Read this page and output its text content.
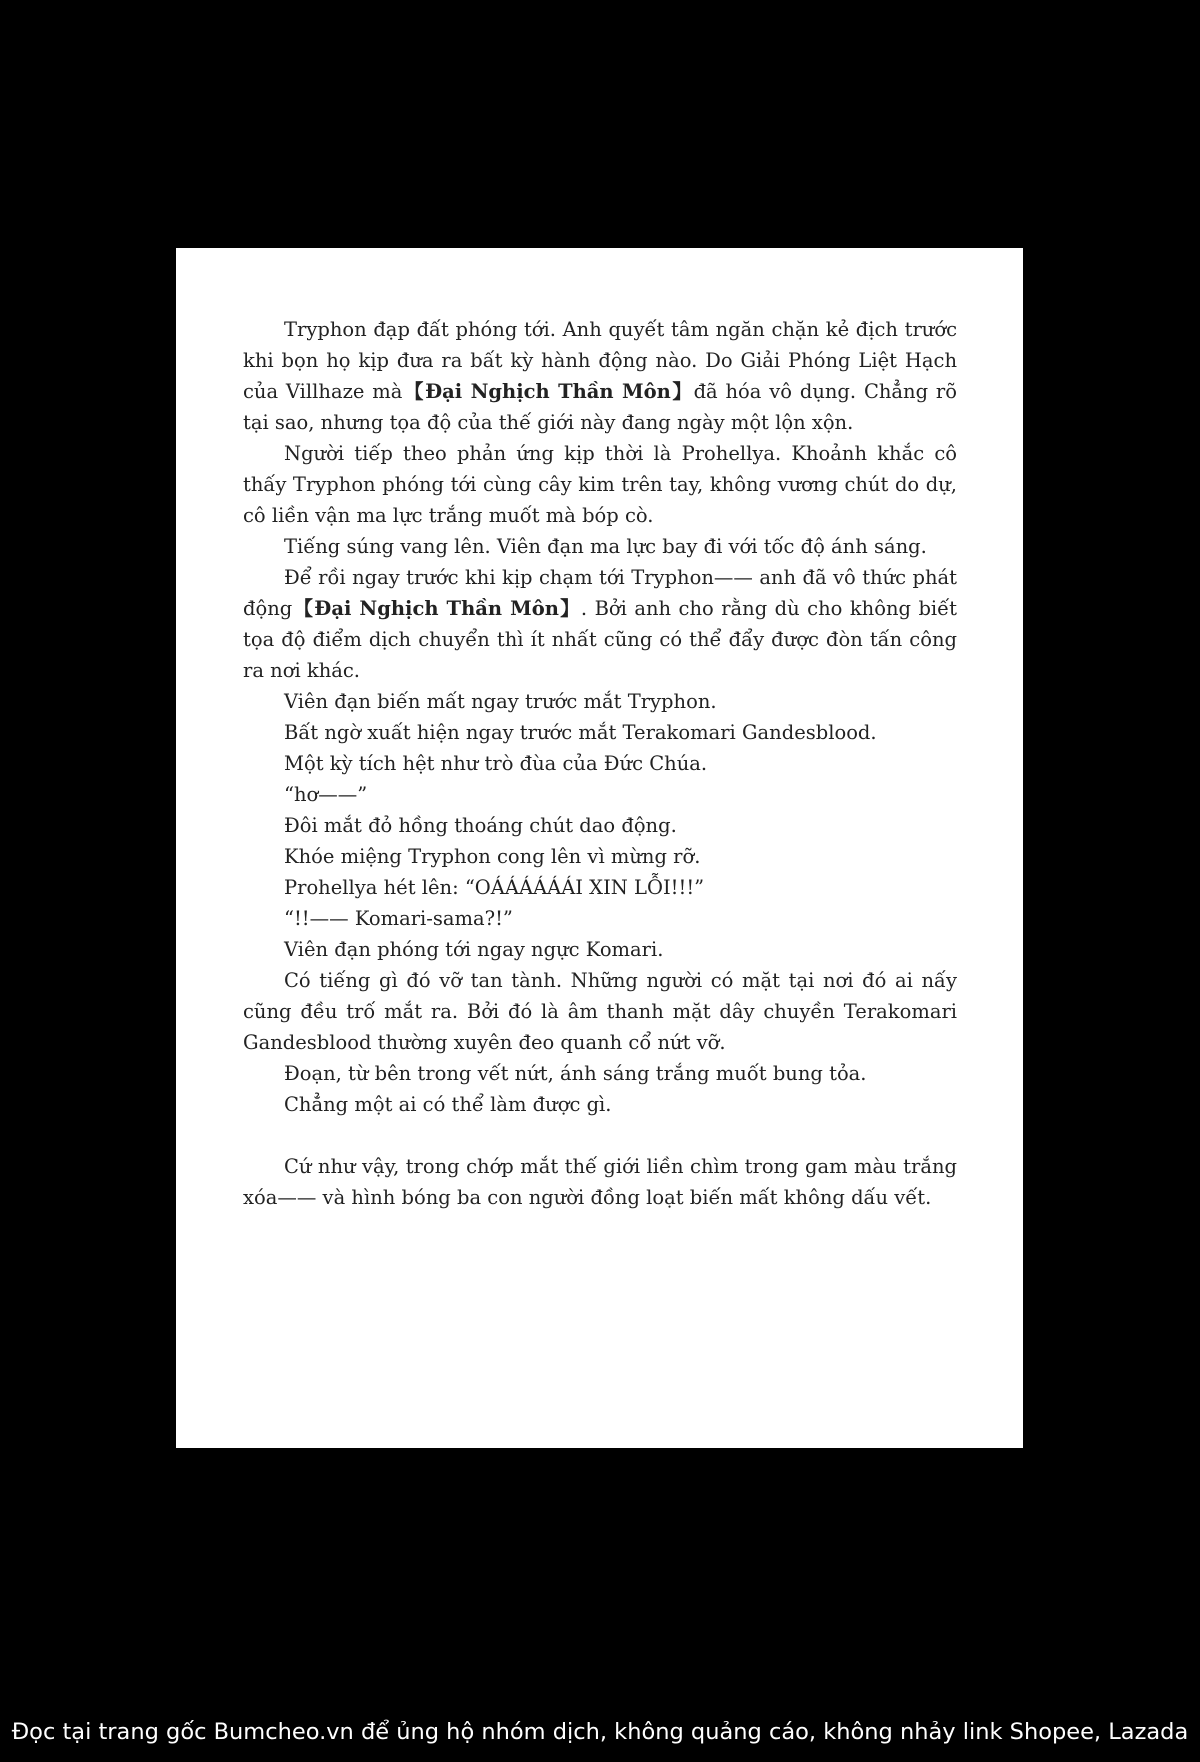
Tryphon đạp đất phóng tới. Anh quyết tâm ngăn chặn kẻ địch trước khi bọn họ kịp đưa ra bất kỳ hành động nào. Do Giải Phóng Liệt Hạch của Villhaze mà【Đại Nghịch Thần Môn】đã hóa vô dụng. Chẳng rõ tại sao, nhưng tọa độ của thế giới này đang ngày một lộn xộn.

Người tiếp theo phản ứng kịp thời là Prohellya. Khoảnh khắc cô thấy Tryphon phóng tới cùng cây kim trên tay, không vương chút do dự, cô liền vận ma lực trắng muốt mà bóp cò.

Tiếng súng vang lên. Viên đạn ma lực bay đi với tốc độ ánh sáng.

Để rồi ngay trước khi kịp chạm tới Tryphon—— anh đã vô thức phát động【Đại Nghịch Thần Môn】. Bởi anh cho rằng dù cho không biết tọa độ điểm dịch chuyển thì ít nhất cũng có thể đẩy được đòn tấn công ra nơi khác.

Viên đạn biến mất ngay trước mắt Tryphon.

Bất ngờ xuất hiện ngay trước mắt Terakomari Gandesblood.

Một kỳ tích hệt như trò đùa của Đức Chúa.

“hơ——”

Đôi mắt đỏ hồng thoáng chút dao động.

Khóe miệng Tryphon cong lên vì mừng rỡ.

Prohellya hét lên: “OÁÁÁÁÁÁI XIN LỖI!!!”

“!!—— Komari-sama?!”

Viên đạn phóng tới ngay ngực Komari.

Có tiếng gì đó vỡ tan tành. Những người có mặt tại nơi đó ai nấy cũng đều trố mắt ra. Bởi đó là âm thanh mặt dây chuyền Terakomari Gandesblood thường xuyên đeo quanh cổ nứt vỡ.

Đoạn, từ bên trong vết nứt, ánh sáng trắng muốt bung tỏa.

Chẳng một ai có thể làm được gì.

Cứ như vậy, trong chớp mắt thế giới liền chìm trong gam màu trắng xóa—— và hình bóng ba con người đồng loạt biến mất không dấu vết.

Đọc tại trang gốc Bumcheo.vn để ủng hộ nhóm dịch, không quảng cáo, không nhảy link Shopee, Lazada
